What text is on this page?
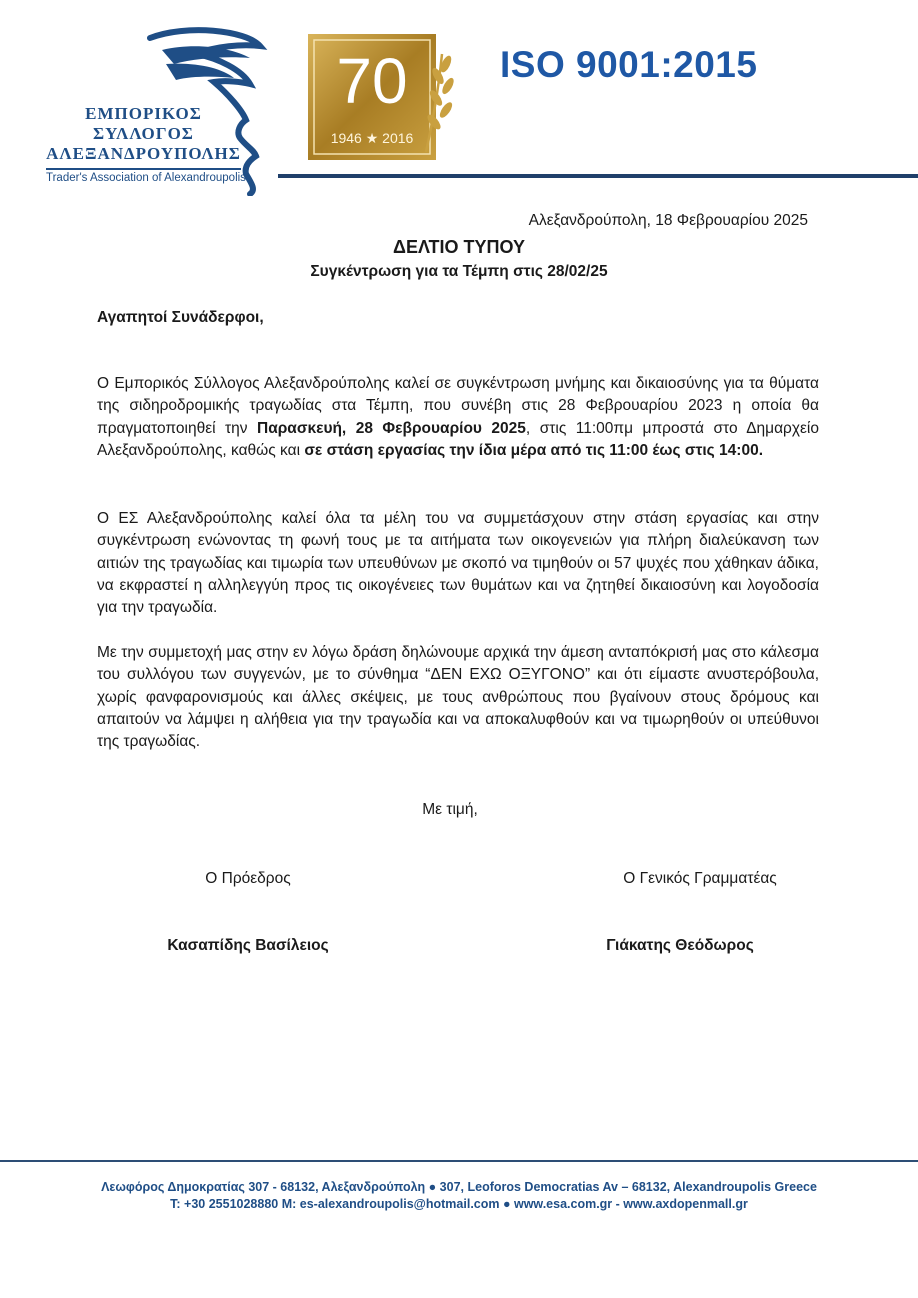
ΕΜΠΟΡΙΚΟΣ
ΣΥΛΛΟΓΟΣ
ΑΛΕΞΑΝΔΡΟΥΠΟΛΗΣ
Trader's Association of Alexandroupolis
70
1946 ★ 2016
ISO 9001:2015
Αλεξανδρούπολη, 18 Φεβρουαρίου 2025
ΔΕΛΤΙΟ ΤΥΠΟΥ
Συγκέντρωση για τα Τέμπη στις 28/02/25
Αγαπητοί Συνάδερφοι,
Ο Εμπορικός Σύλλογος Αλεξανδρούπολης καλεί σε συγκέντρωση μνήμης και δικαιοσύνης για τα θύματα της σιδηροδρομικής τραγωδίας στα Τέμπη, που συνέβη στις 28 Φεβρουαρίου 2023 η οποία θα πραγματοποιηθεί την Παρασκευή, 28 Φεβρουαρίου 2025, στις 11:00πμ μπροστά στο Δημαρχείο Αλεξανδρούπολης, καθώς και σε στάση εργασίας την ίδια μέρα από τις 11:00 έως στις 14:00.
Ο ΕΣ Αλεξανδρούπολης καλεί όλα τα μέλη του να συμμετάσχουν στην στάση εργασίας και στην συγκέντρωση ενώνοντας τη φωνή τους με τα αιτήματα των οικογενειών για πλήρη διαλεύκανση των αιτιών της τραγωδίας και τιμωρία των υπευθύνων με σκοπό να τιμηθούν οι 57 ψυχές που χάθηκαν άδικα, να εκφραστεί η αλληλεγγύη προς τις οικογένειες των θυμάτων και να ζητηθεί δικαιοσύνη και λογοδοσία για την τραγωδία.
Με την συμμετοχή μας στην εν λόγω δράση δηλώνουμε αρχικά την άμεση ανταπόκρισή μας στο κάλεσμα του συλλόγου των συγγενών, με το σύνθημα “ΔΕΝ ΕΧΩ ΟΞΥΓΟΝΟ” και ότι είμαστε ανυστερόβουλα, χωρίς φανφαρονισμούς και άλλες σκέψεις, με τους ανθρώπους που βγαίνουν στους δρόμους και απαιτούν να λάμψει η αλήθεια για την τραγωδία και να αποκαλυφθούν και να τιμωρηθούν οι υπεύθυνοι της τραγωδίας.
Με τιμή,
Ο Πρόεδρος	Ο Γενικός Γραμματέας
Κασαπίδης Βασίλειος	Γιάκατης Θεόδωρος
Λεωφόρος Δημοκρατίας 307 - 68132, Αλεξανδρούπολη ● 307, Leoforos Democratias Av – 68132, Alexandroupolis Greece
T: +30 2551028880 M: es-alexandroupolis@hotmail.com ● www.esa.com.gr - www.axdopenmall.gr
